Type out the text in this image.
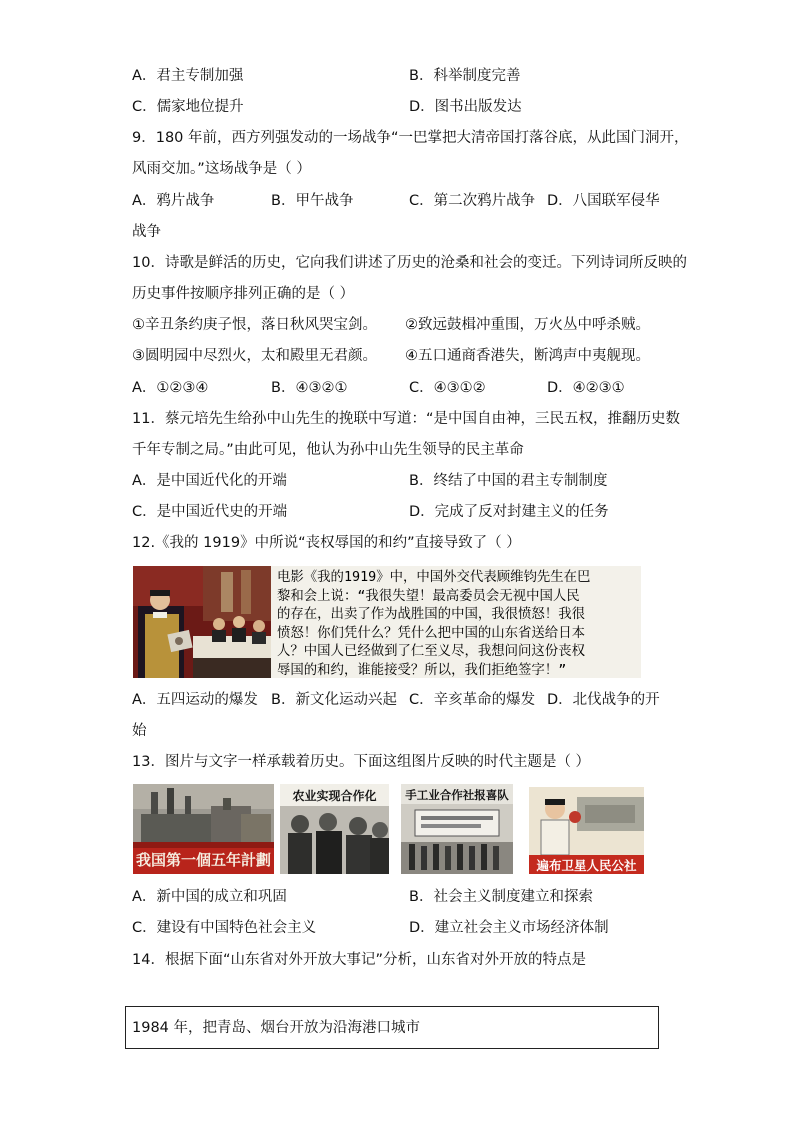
A．君主专制加强	B．科举制度完善
C．儒家地位提升	D．图书出版发达
9．180 年前，西方列强发动的一场战争“一巴掌把大清帝国打落谷底，从此国门洞开，
风雨交加。”这场战争是（ ）
A．鸦片战争	B．甲午战争	C．第二次鸦片战争 D．八国联军侵华
战争
10．诗歌是鲜活的历史，它向我们讲述了历史的沧桑和社会的变迁。下列诗词所反映的
历史事件按顺序排列正确的是（ ）
①辛丑条约庚子恨，落日秋风哭宝剑。 ②致远鼓楫冲重围，万火丛中呼杀贼。
③圆明园中尽烈火，太和殿里无君颜。 ④五口通商香港失，断鸿声中夷舰现。
A．①②③④	B．④③②①	C．④③①②	D．④②③①
11．蔡元培先生给孙中山先生的挽联中写道：“是中国自由神，三民五权，推翻历史数
千年专制之局。”由此可见，他认为孙中山先生领导的民主革命
A．是中国近代化的开端	B．终结了中国的君主专制制度
C．是中国近代史的开端	D．完成了反对封建主义的任务
12.《我的 1919》中所说“丧权辱国的和约”直接导致了（ ）
电影《我的1919》中，中国外交代表顾维钧先生在巴
黎和会上说：“我很失望！最高委员会无视中国人民
的存在，出卖了作为战胜国的中国，我很愤怒！我很
愤怒！你们凭什么？凭什么把中国的山东省送给日本
人？中国人已经做到了仁至义尽，我想问问这份丧权
辱国的和约，谁能接受？所以，我们拒绝签字！”
A．五四运动的爆发 B．新文化运动兴起 C．辛亥革命的爆发 D．北伐战争的开
始
13．图片与文字一样承载着历史。下面这组图片反映的时代主题是（ ）
我国第一個五年計劃
农业实现合作化	手工业合作社报喜队
遍布卫星人民公社
A．新中国的成立和巩固	B．社会主义制度建立和探索
C．建设有中国特色社会主义	D．建立社会主义市场经济体制
14．根据下面“山东省对外开放大事记”分析，山东省对外开放的特点是
1984 年，把青岛、烟台开放为沿海港口城市
